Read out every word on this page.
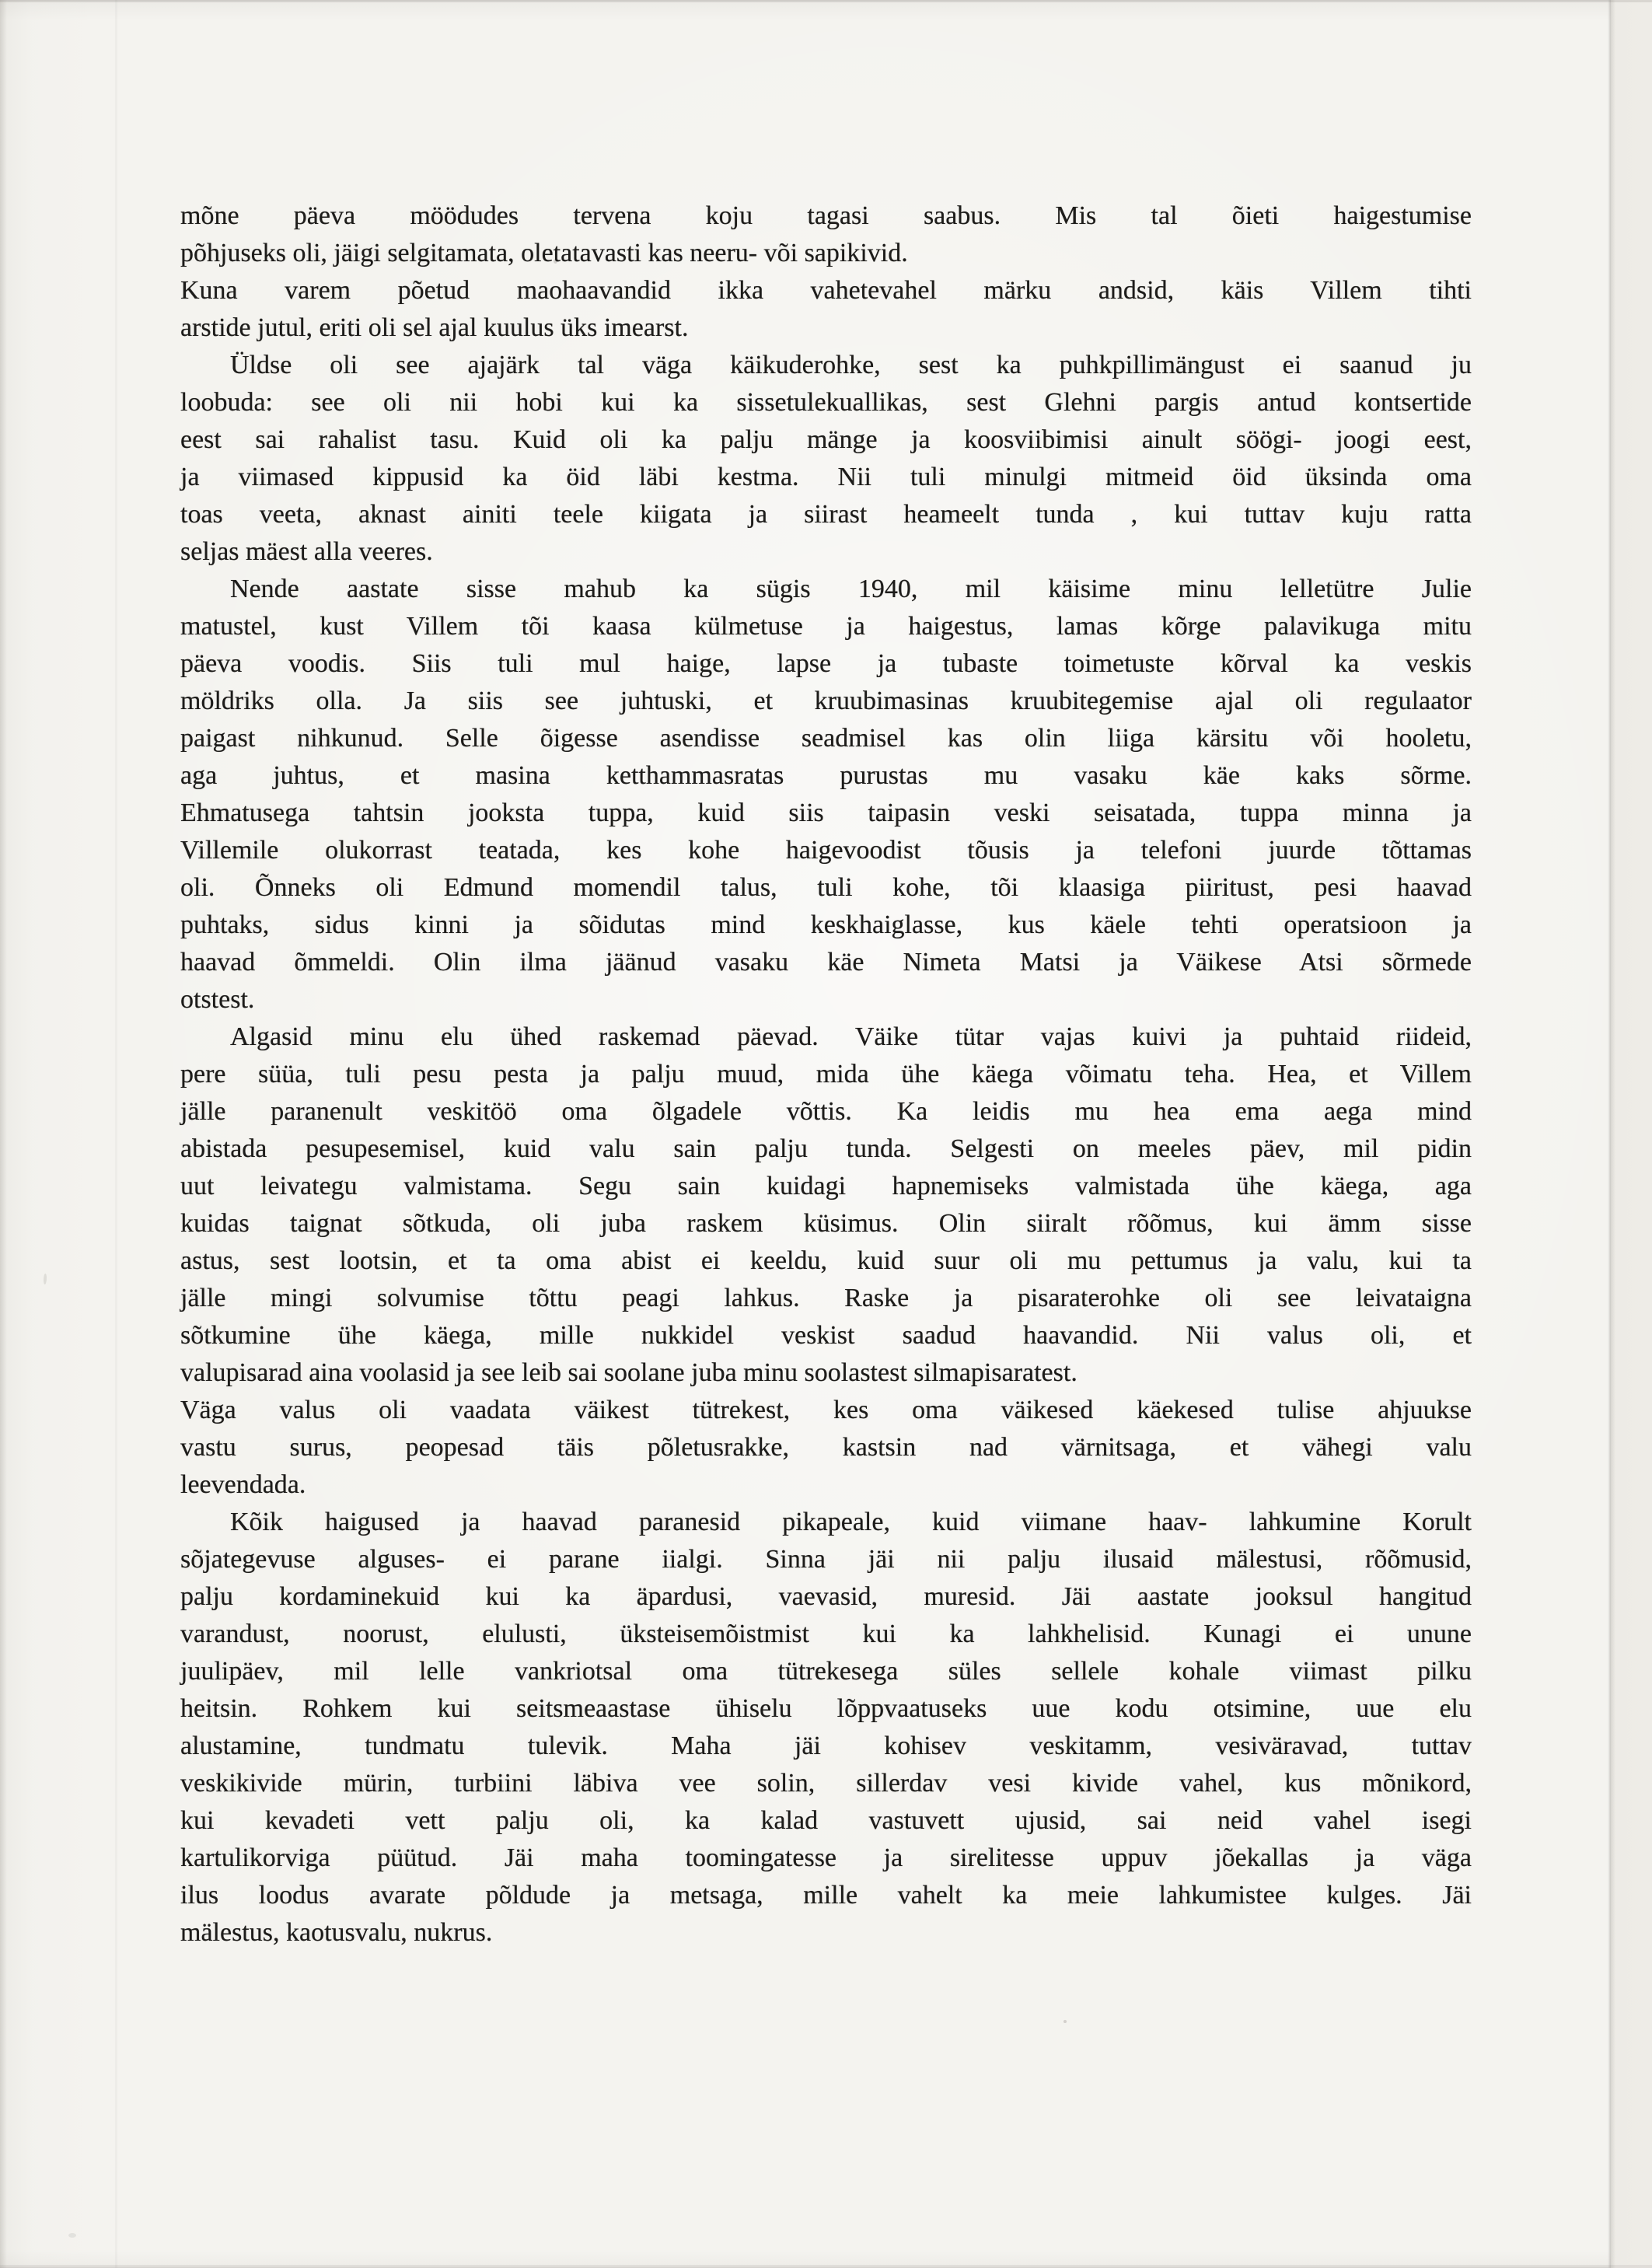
mõne päeva möödudes tervena koju tagasi saabus. Mis tal õieti haigestumise
põhjuseks oli, jäigi selgitamata, oletatavasti kas neeru- või sapikivid.
Kuna varem põetud maohaavandid ikka vahetevahel märku andsid, käis Villem tihti
arstide jutul, eriti oli sel ajal kuulus üks imearst.
Üldse oli see ajajärk tal väga käikuderohke, sest ka puhkpillimängust ei saanud ju
loobuda: see oli nii hobi kui ka sissetulekuallikas, sest Glehni pargis antud kontsertide
eest sai rahalist tasu. Kuid oli ka palju mänge ja koosviibimisi ainult söögi- joogi eest,
ja viimased kippusid ka öid läbi kestma. Nii tuli minulgi mitmeid öid üksinda oma
toas veeta, aknast ainiti teele kiigata ja siirast heameelt tunda , kui tuttav kuju ratta
seljas mäest alla veeres.
Nende aastate sisse mahub ka sügis 1940, mil käisime minu lelletütre Julie
matustel, kust Villem tõi kaasa külmetuse ja haigestus, lamas kõrge palavikuga mitu
päeva voodis. Siis tuli mul haige, lapse ja tubaste toimetuste kõrval ka veskis
möldriks olla. Ja siis see juhtuski, et kruubimasinas kruubitegemise ajal oli regulaator
paigast nihkunud. Selle õigesse asendisse seadmisel kas olin liiga kärsitu või hooletu,
aga juhtus, et masina ketthammasratas purustas mu vasaku käe kaks sõrme.
Ehmatusega tahtsin jooksta tuppa, kuid siis taipasin veski seisatada, tuppa minna ja
Villemile olukorrast teatada, kes kohe haigevoodist tõusis ja telefoni juurde tõttamas
oli. Õnneks oli Edmund momendil talus, tuli kohe, tõi klaasiga piiritust, pesi haavad
puhtaks, sidus kinni ja sõidutas mind keskhaiglasse, kus käele tehti operatsioon ja
haavad õmmeldi. Olin ilma jäänud vasaku käe Nimeta Matsi ja Väikese Atsi sõrmede
otstest.
Algasid minu elu ühed raskemad päevad. Väike tütar vajas kuivi ja puhtaid riideid,
pere süüa, tuli pesu pesta ja palju muud, mida ühe käega võimatu teha. Hea, et Villem
jälle paranenult veskitöö oma õlgadele võttis. Ka leidis mu hea ema aega mind
abistada pesupesemisel, kuid valu sain palju tunda. Selgesti on meeles päev, mil pidin
uut leivategu valmistama. Segu sain kuidagi hapnemiseks valmistada ühe käega, aga
kuidas taignat sõtkuda, oli juba raskem küsimus. Olin siiralt rõõmus, kui ämm sisse
astus, sest lootsin, et ta oma abist ei keeldu, kuid suur oli mu pettumus ja valu, kui ta
jälle mingi solvumise tõttu peagi lahkus. Raske ja pisaraterohke oli see leivataigna
sõtkumine ühe käega, mille nukkidel veskist saadud haavandid. Nii valus oli, et
valupisarad aina voolasid ja see leib sai soolane juba minu soolastest silmapisaratest.
Väga valus oli vaadata väikest tütrekest, kes oma väikesed käekesed tulise ahjuukse
vastu surus, peopesad täis põletusrakke, kastsin nad värnitsaga, et vähegi valu
leevendada.
Kõik haigused ja haavad paranesid pikapeale, kuid viimane haav- lahkumine Korult
sõjategevuse alguses- ei parane iialgi. Sinna jäi nii palju ilusaid mälestusi, rõõmusid,
palju kordaminekuid kui ka äpardusi, vaevasid, muresid. Jäi aastate jooksul hangitud
varandust, noorust, elulusti, üksteisemõistmist kui ka lahkhelisid. Kunagi ei unune
juulipäev, mil lelle vankriotsal oma tütrekesega süles sellele kohale viimast pilku
heitsin. Rohkem kui seitsmeaastase ühiselu lõppvaatuseks uue kodu otsimine, uue elu
alustamine, tundmatu tulevik. Maha jäi kohisev veskitamm, vesiväravad, tuttav
veskikivide mürin, turbiini läbiva vee solin, sillerdav vesi kivide vahel, kus mõnikord,
kui kevadeti vett palju oli, ka kalad vastuvett ujusid, sai neid vahel isegi
kartulikorviga püütud. Jäi maha toomingatesse ja sirelitesse uppuv jõekallas ja väga
ilus loodus avarate põldude ja metsaga, mille vahelt ka meie lahkumistee kulges. Jäi
mälestus, kaotusvalu, nukrus.
